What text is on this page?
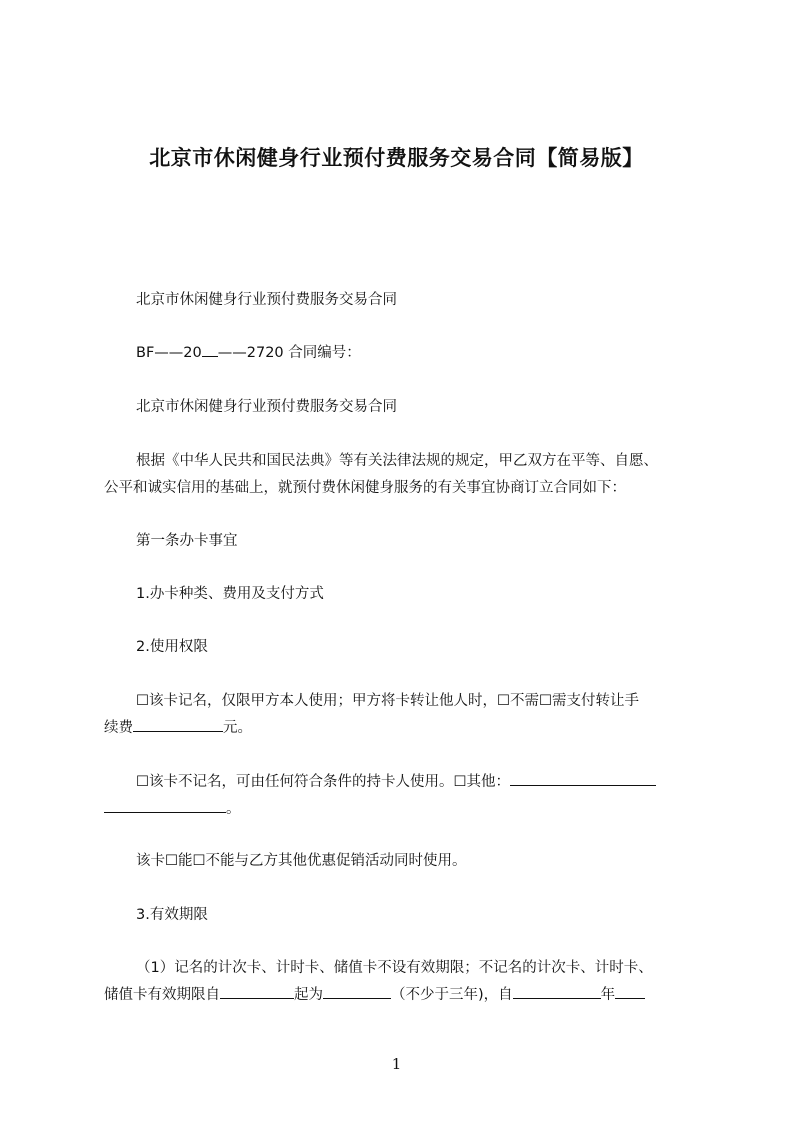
北京市休闲健身行业预付费服务交易合同【简易版】
北京市休闲健身行业预付费服务交易合同
BF——20 ——2720 合同编号：
北京市休闲健身行业预付费服务交易合同
根据《中华人民共和国民法典》等有关法律法规的规定，甲乙双方在平等、自愿、
公平和诚实信用的基础上，就预付费休闲健身服务的有关事宜协商订立合同如下：
第一条办卡事宜
1.办卡种类、费用及支付方式
2.使用权限
☐该卡记名，仅限甲方本人使用；甲方将卡转让他人时，☐不需☐需支付转让手
续费	元。
☐该卡不记名，可由任何符合条件的持卡人使用。☐其他：
。
该卡☐能☐不能与乙方其他优惠促销活动同时使用。
3.有效期限
（1）记名的计次卡、计时卡、储值卡不设有效期限；不记名的计次卡、计时卡、
储值卡有效期限自	起为	（不少于三年)，自	年
1
